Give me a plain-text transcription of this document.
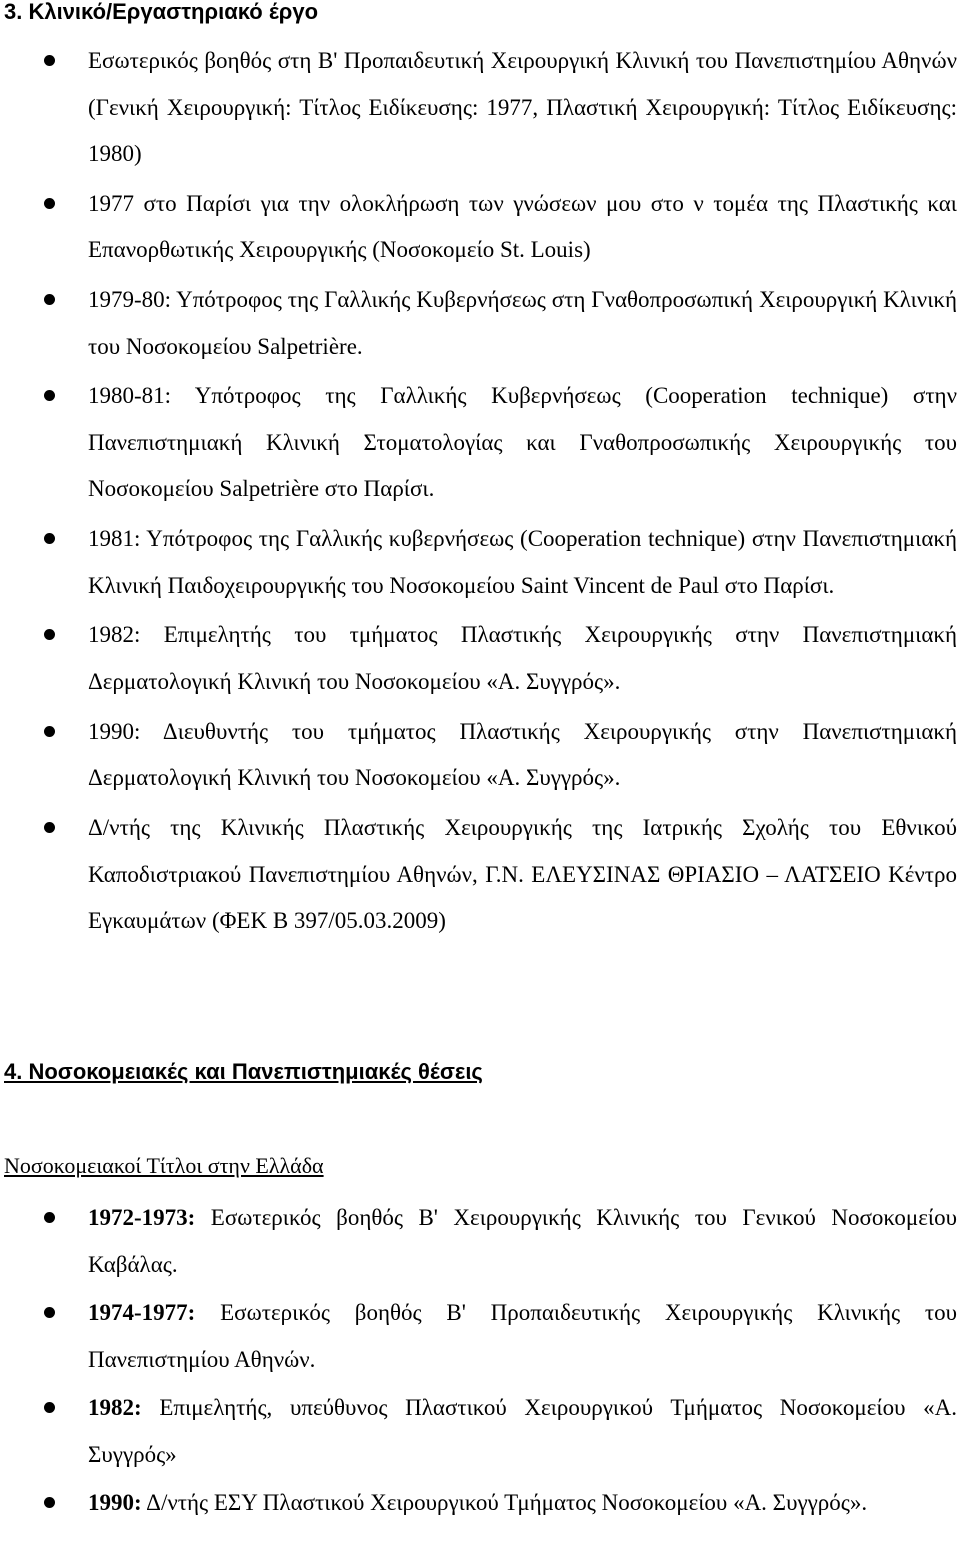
3. Κλινικό/Εργαστηριακό έργο
Εσωτερικός βοηθός στη Β' Προπαιδευτική Χειρουργική Κλινική του Πανεπιστημίου Αθηνών (Γενική Χειρουργική: Τίτλος Ειδίκευσης: 1977, Πλαστική Χειρουργική: Τίτλος Ειδίκευσης: 1980)
1977 στο Παρίσι για την ολοκλήρωση των γνώσεων μου στο ν τομέα της Πλαστικής και Επανορθωτικής Χειρουργικής (Νοσοκομείο St. Louis)
1979-80: Υπότροφος της Γαλλικής Κυβερνήσεως στη Γναθοπροσωπική Χειρουργική Κλινική του Νοσοκομείου Salpetrière.
1980-81: Υπότροφος της Γαλλικής Κυβερνήσεως (Cooperation technique) στην Πανεπιστημιακή Κλινική Στοματολογίας και Γναθοπροσωπικής Χειρουργικής του Νοσοκομείου Salpetrière στο Παρίσι.
1981: Υπότροφος της Γαλλικής κυβερνήσεως (Cooperation technique) στην Πανεπιστημιακή Κλινική Παιδοχειρουργικής του Νοσοκομείου Saint Vincent de Paul στο Παρίσι.
1982: Επιμελητής του τμήματος Πλαστικής Χειρουργικής στην Πανεπιστημιακή Δερματολογική Κλινική του Νοσοκομείου «Α. Συγγρός».
1990: Διευθυντής του τμήματος Πλαστικής Χειρουργικής στην Πανεπιστημιακή Δερματολογική Κλινική του Νοσοκομείου «Α. Συγγρός».
Δ/ντής της Κλινικής Πλαστικής Χειρουργικής της Ιατρικής Σχολής του Εθνικού Καποδιστριακού Πανεπιστημίου Αθηνών, Γ.Ν. ΕΛΕΥΣΙΝΑΣ ΘΡΙΑΣΙΟ – ΛΑΤΣΕΙΟ Κέντρο Εγκαυμάτων (ΦΕΚ Β 397/05.03.2009)
4. Νοσοκομειακές και Πανεπιστημιακές θέσεις

Νοσοκομειακοί Τίτλοι στην Ελλάδα

1972-1973: Εσωτερικός βοηθός Β' Χειρουργικής Κλινικής του Γενικού Νοσοκομείου Καβάλας.
1974-1977: Εσωτερικός βοηθός Β' Προπαιδευτικής Χειρουργικής Κλινικής του Πανεπιστημίου Αθηνών.
1982: Επιμελητής, υπεύθυνος Πλαστικού Χειρουργικού Τμήματος Νοσοκομείου «Α. Συγγρός»
1990: Δ/ντής ΕΣΥ Πλαστικού Χειρουργικού Τμήματος Νοσοκομείου «Α. Συγγρός».
